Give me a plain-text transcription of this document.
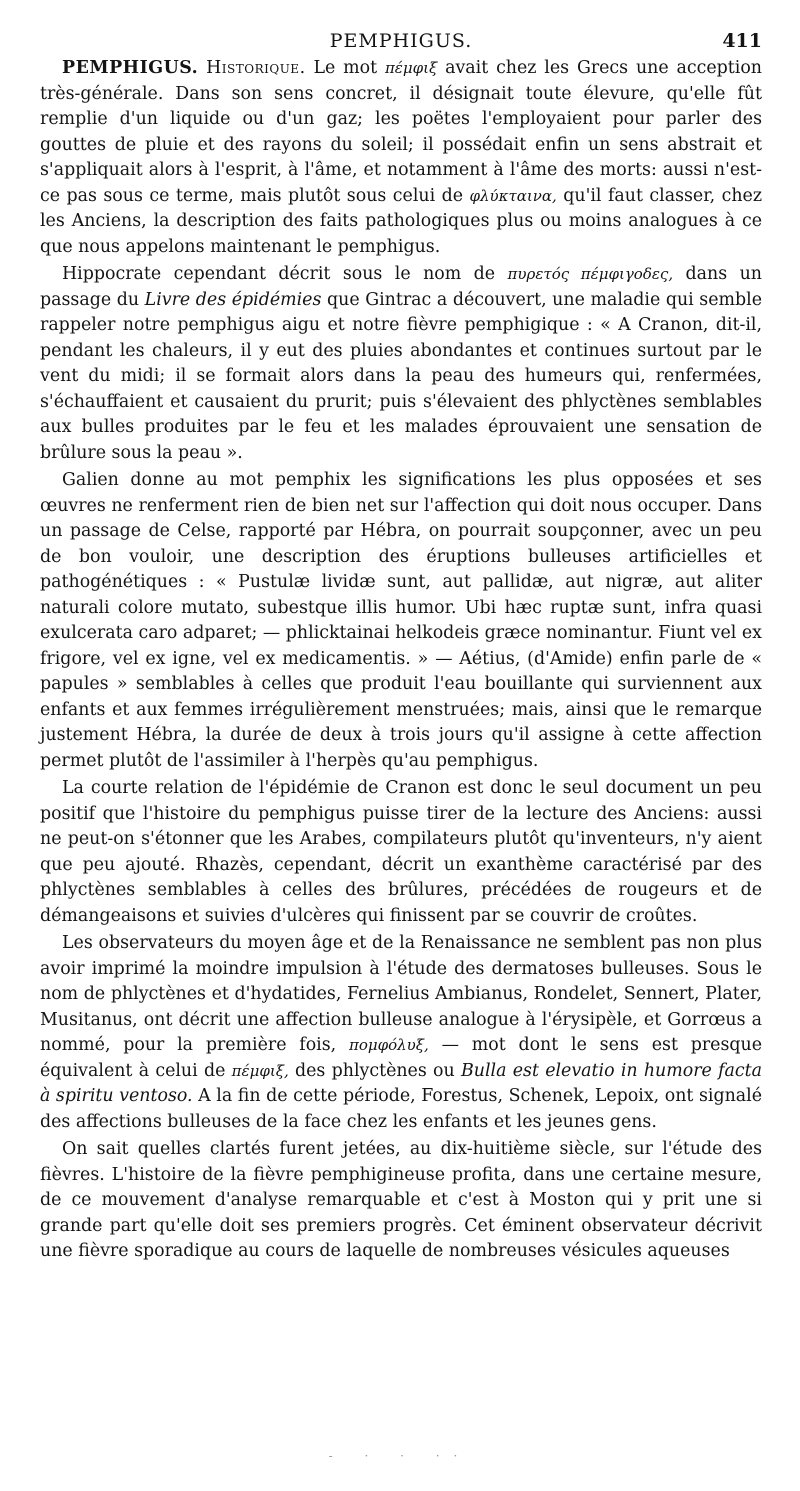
PEMPHIGUS.	411

PEMPHIGUS. Historique. Le mot πέμφιξ avait chez les Grecs une acception très-générale. Dans son sens concret, il désignait toute élevure, qu'elle fût remplie d'un liquide ou d'un gaz; les poëtes l'employaient pour parler des gouttes de pluie et des rayons du soleil; il possédait enfin un sens abstrait et s'appliquait alors à l'esprit, à l'âme, et notamment à l'âme des morts: aussi n'est-ce pas sous ce terme, mais plutôt sous celui de φλύκταινα, qu'il faut classer, chez les Anciens, la description des faits pathologiques plus ou moins analogues à ce que nous appelons maintenant le pemphigus.

Hippocrate cependant décrit sous le nom de πυρετός πέμφιγοδες, dans un passage du Livre des épidémies que Gintrac a découvert, une maladie qui semble rappeler notre pemphigus aigu et notre fièvre pemphigique : « A Cranon, dit-il, pendant les chaleurs, il y eut des pluies abondantes et continues surtout par le vent du midi; il se formait alors dans la peau des humeurs qui, renfermées, s'échauffaient et causaient du prurit; puis s'élevaient des phlyctènes semblables aux bulles produites par le feu et les malades éprouvaient une sensation de brûlure sous la peau ».

Galien donne au mot pemphix les significations les plus opposées et ses œuvres ne renferment rien de bien net sur l'affection qui doit nous occuper. Dans un passage de Celse, rapporté par Hébra, on pourrait soupçonner, avec un peu de bon vouloir, une description des éruptions bulleuses artificielles et pathogénétiques : « Pustulæ lividæ sunt, aut pallidæ, aut nigræ, aut aliter naturali colore mutato, subestque illis humor. Ubi hæc ruptæ sunt, infra quasi exulcerata caro adparet; — phlicktainai helkodeis græce nominantur. Fiunt vel ex frigore, vel ex igne, vel ex medicamentis. » — Aétius, (d'Amide) enfin parle de « papules » semblables à celles que produit l'eau bouillante qui surviennent aux enfants et aux femmes irrégulièrement menstruées; mais, ainsi que le remarque justement Hébra, la durée de deux à trois jours qu'il assigne à cette affection permet plutôt de l'assimiler à l'herpès qu'au pemphigus.

La courte relation de l'épidémie de Cranon est donc le seul document un peu positif que l'histoire du pemphigus puisse tirer de la lecture des Anciens: aussi ne peut-on s'étonner que les Arabes, compilateurs plutôt qu'inventeurs, n'y aient que peu ajouté. Rhazès, cependant, décrit un exanthème caractérisé par des phlyctènes semblables à celles des brûlures, précédées de rougeurs et de démangeaisons et suivies d'ulcères qui finissent par se couvrir de croûtes.

Les observateurs du moyen âge et de la Renaissance ne semblent pas non plus avoir imprimé la moindre impulsion à l'étude des dermatoses bulleuses. Sous le nom de phlyctènes et d'hydatides, Fernelius Ambianus, Rondelet, Sennert, Plater, Musitanus, ont décrit une affection bulleuse analogue à l'érysipèle, et Gorrœus a nommé, pour la première fois, πομφόλυξ, — mot dont le sens est presque équivalent à celui de πέμφιξ, des phlyctènes ou Bulla est elevatio in humore facta à spiritu ventoso. A la fin de cette période, Forestus, Schenek, Lepoix, ont signalé des affections bulleuses de la face chez les enfants et les jeunes gens.

On sait quelles clartés furent jetées, au dix-huitième siècle, sur l'étude des fièvres. L'histoire de la fièvre pemphigineuse profita, dans une certaine mesure, de ce mouvement d'analyse remarquable et c'est à Moston qui y prit une si grande part qu'elle doit ses premiers progrès. Cet éminent observateur décrivit une fièvre sporadique au cours de laquelle de nombreuses vésicules aqueuses

- · · ··
